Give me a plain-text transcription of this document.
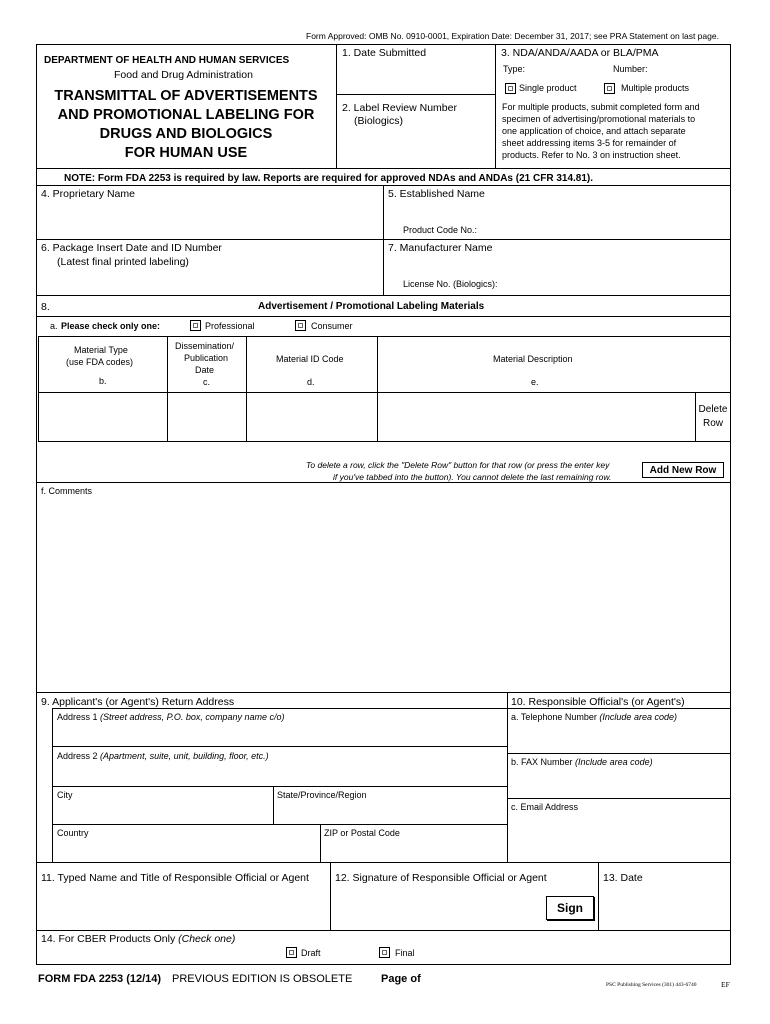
Form Approved: OMB No. 0910-0001, Expiration Date: December 31, 2017; see PRA Statement on last page.
DEPARTMENT OF HEALTH AND HUMAN SERVICES
Food and Drug Administration
TRANSMITTAL OF ADVERTISEMENTS
AND PROMOTIONAL LABELING FOR
DRUGS AND BIOLOGICS
FOR HUMAN USE
1. Date Submitted
2. Label Review Number
(Biologics)
3. NDA/ANDA/AADA or BLA/PMA
Type:	Number:
Single product	Multiple products
For multiple products, submit completed form and
specimen of advertising/promotional materials to
one application of choice, and attach separate
sheet addressing items 3-5 for remainder of
products. Refer to No. 3 on instruction sheet.
NOTE: Form FDA 2253 is required by law. Reports are required for approved NDAs and ANDAs (21 CFR 314.81).
4. Proprietary Name	5. Established Name
Product Code No.:
6. Package Insert Date and ID Number
(Latest final printed labeling)
7. Manufacturer Name
License No. (Biologics):
8.	Advertisement / Promotional Labeling Materials
a. Please check only one:	Professional	Consumer
Material Type
(use FDA codes)
b.
Dissemination/
Publication
Date
c.
Material ID Code
d.
Material Description
e.
Delete
Row
To delete a row, click the "Delete Row" button for that row (or press the enter key
if you've tabbed into the button). You cannot delete the last remaining row.
Add New Row
f. Comments
9. Applicant's (or Agent's) Return Address	10. Responsible Official's (or Agent's)
Address 1 (Street address, P.O. box, company name c/o)
Address 2 (Apartment, suite, unit, building, floor, etc.)
City	State/Province/Region
Country	ZIP or Postal Code
a. Telephone Number (Include area code)
b. FAX Number (Include area code)
c. Email Address
11. Typed Name and Title of Responsible Official or Agent 12. Signature of Responsible Official or Agent	13. Date
Sign
14. For CBER Products Only (Check one)
Draft	Final
FORM FDA 2253 (12/14) PREVIOUS EDITION IS OBSOLETE	Page of	PSC Publishing Services (301) 443-6740	EF
